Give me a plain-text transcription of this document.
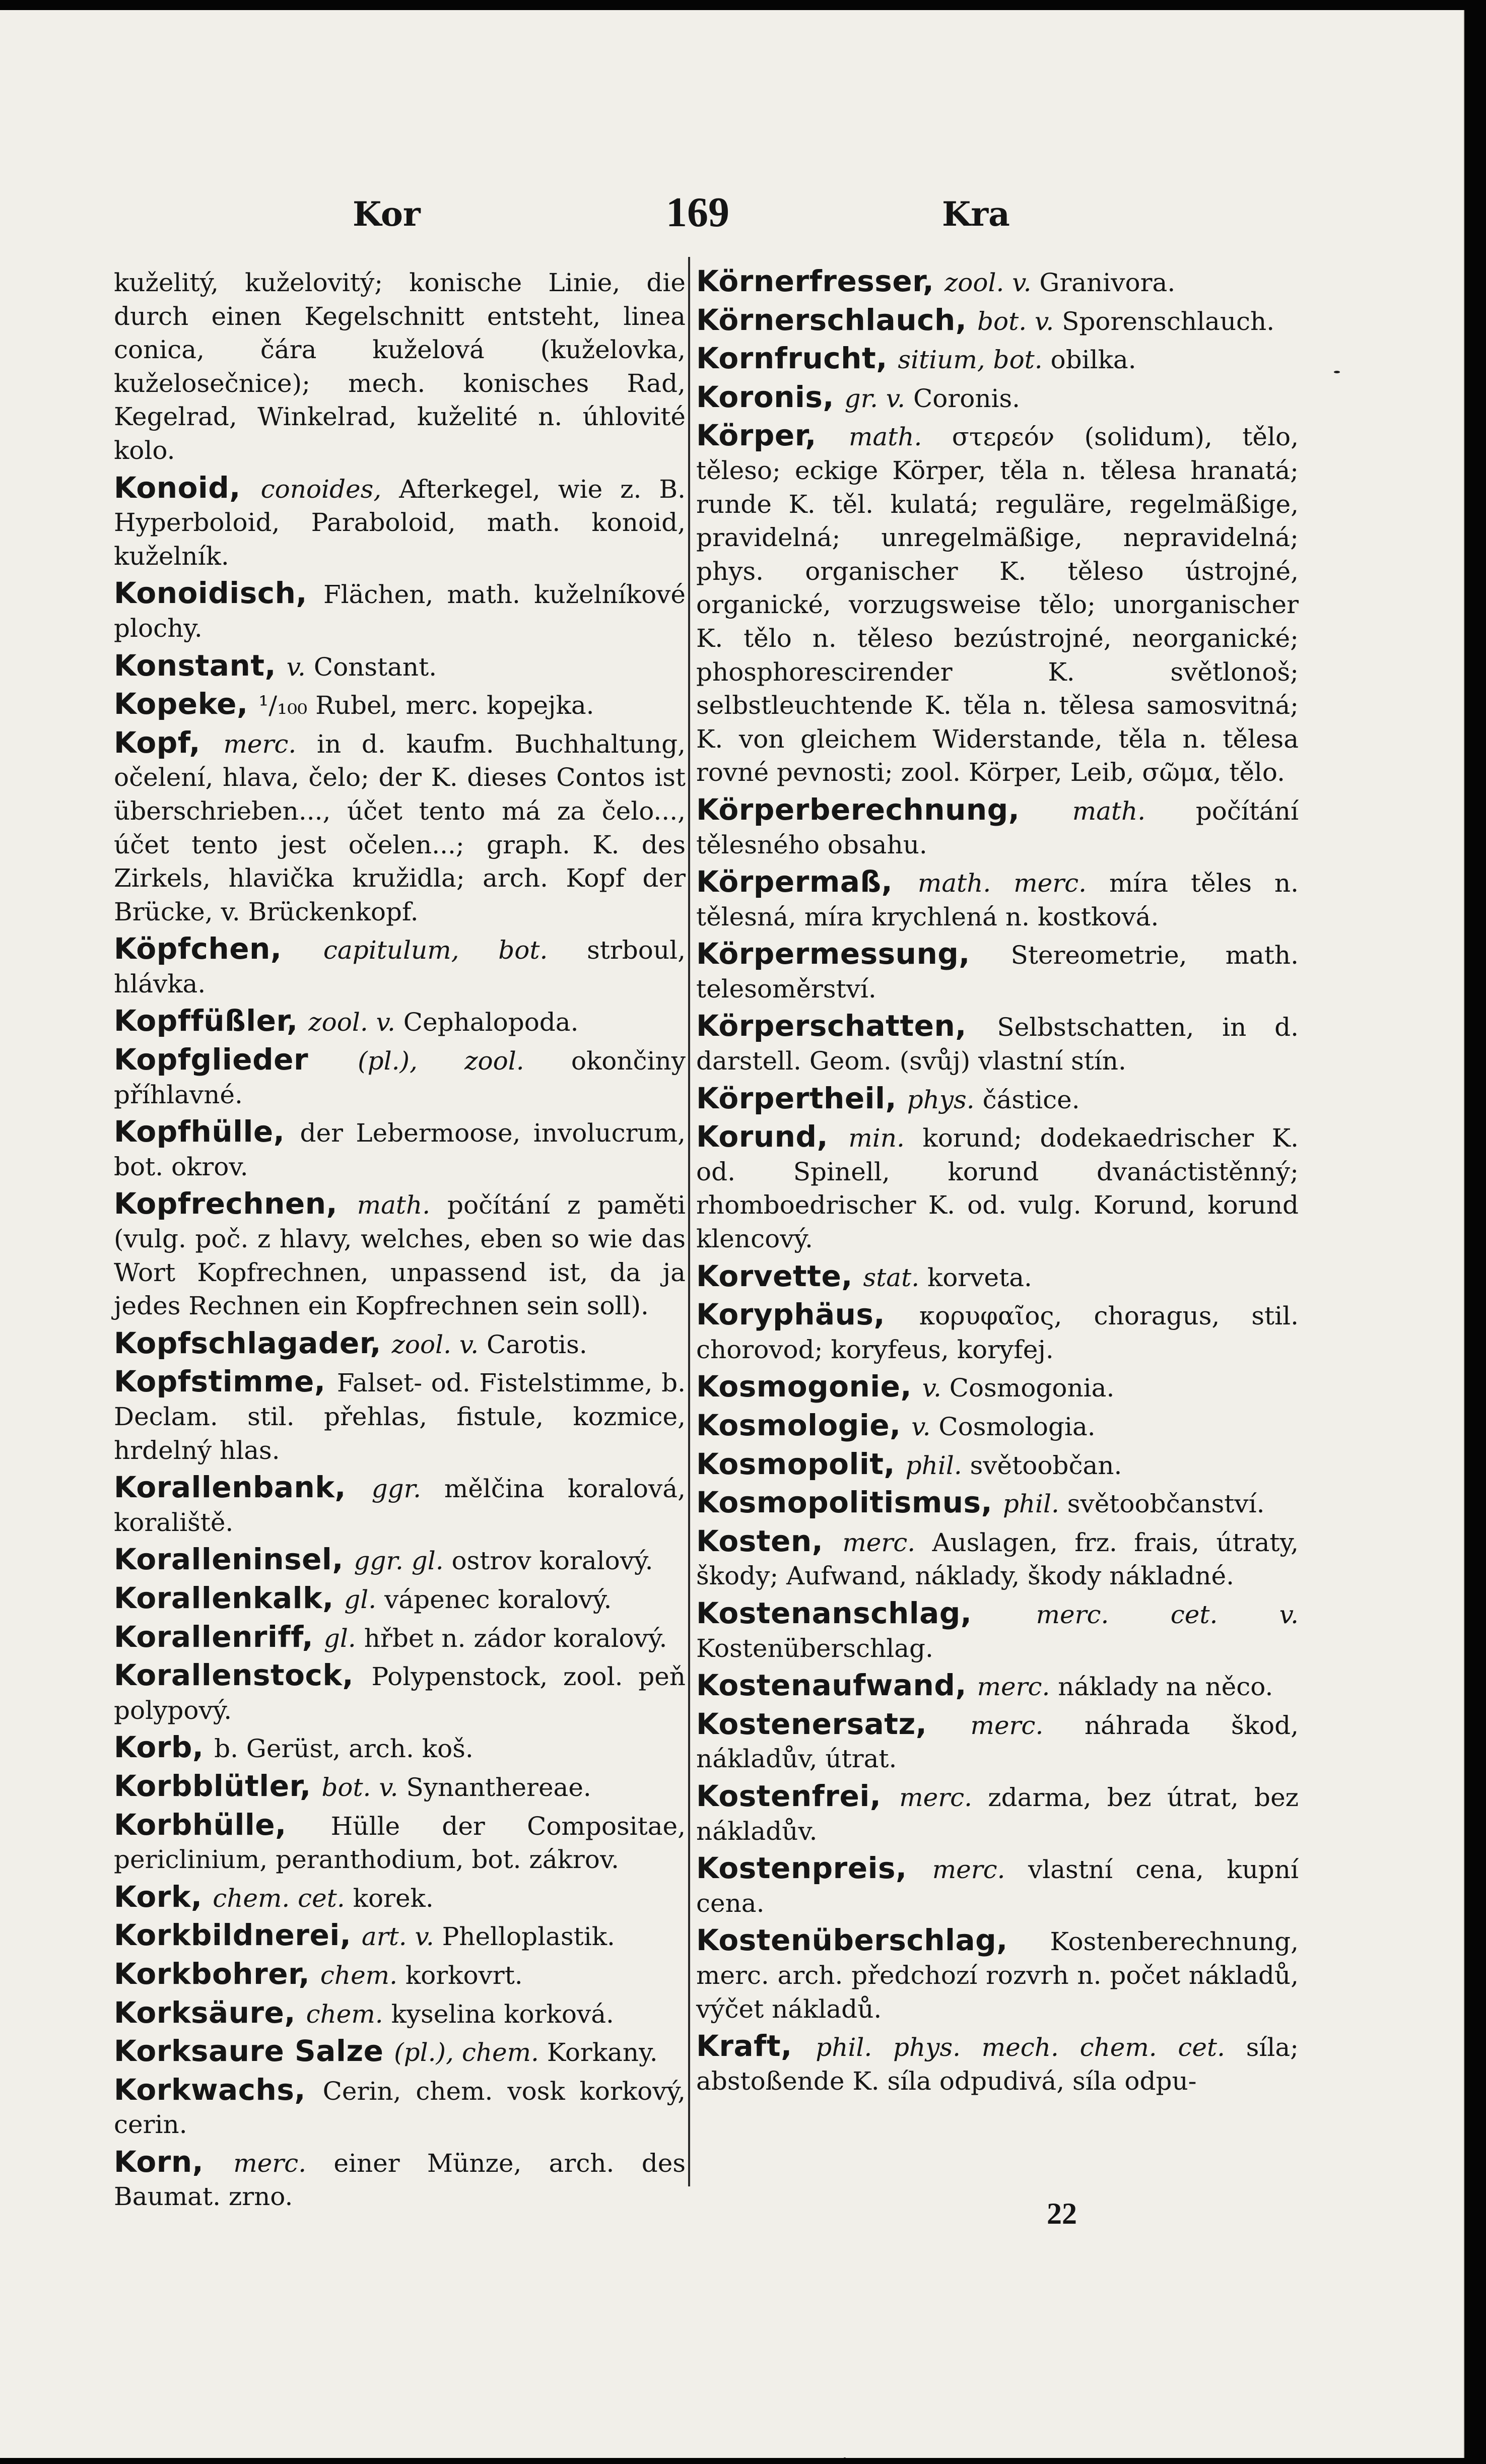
Kor	169	Kra
kuželitý, kuželovitý; konische Linie, die durch einen Kegelschnitt entsteht, linea conica, čára kuželová (kuželovka, kuželosečnice); mech. konisches Rad, Kegelrad, Winkelrad, kuželité n. úhlovité kolo.
Konoid, conoides, Afterkegel, wie z. B. Hyperboloid, Paraboloid, math. konoid, kuželník.
Konoidisch, Flächen, math. kuželníkové plochy.
Konstant, v. Constant.
Kopeke, ¹/₁₀₀ Rubel, merc. kopejka.
Kopf, merc. in d. kaufm. Buchhaltung, očelení, hlava, čelo; der K. dieses Contos ist überschrieben..., účet tento má za čelo..., účet tento jest očelen...; graph. K. des Zirkels, hlavička kružidla; arch. Kopf der Brücke, v. Brückenkopf.
Köpfchen, capitulum, bot. strboul, hlávka.
Kopffüßler, zool. v. Cephalopoda.
Kopfglieder (pl.), zool. okončiny příhlavné.
Kopfhülle, der Lebermoose, involucrum, bot. okrov.
Kopfrechnen, math. počítání z paměti (vulg. poč. z hlavy, welches, eben so wie das Wort Kopfrechnen, unpassend ist, da ja jedes Rechnen ein Kopfrechnen sein soll).
Kopfschlagader, zool. v. Carotis.
Kopfstimme, Falset- od. Fistelstimme, b. Declam. stil. přehlas, fistule, kozmice, hrdelný hlas.
Korallenbank, ggr. mělčina koralová, koraliště.
Koralleninsel, ggr. gl. ostrov koralový.
Korallenkalk, gl. vápenec koralový.
Korallenriff, gl. hřbet n. zádor koralový.
Korallenstock, Polypenstock, zool. peň polypový.
Korb, b. Gerüst, arch. koš.
Korbblütler, bot. v. Synanthereae.
Korbhülle, Hülle der Compositae, periclinium, peranthodium, bot. zákrov.
Kork, chem. cet. korek.
Korkbildnerei, art. v. Phelloplastik.
Korkbohrer, chem. korkovrt.
Korksäure, chem. kyselina korková.
Korksaure Salze (pl.), chem. Korkany.
Korkwachs, Cerin, chem. vosk korkový, cerin.
Korn, merc. einer Münze, arch. des Baumat. zrno.
Körnerfresser, zool. v. Granivora.
Körnerschlauch, bot. v. Sporenschlauch.
Kornfrucht, sitium, bot. obilka.
Koronis, gr. v. Coronis.
Körper, math. στερεόν (solidum), tělo, těleso; eckige Körper, těla n. tělesa hranatá; runde K. těl. kulatá; reguläre, regelmäßige, pravidelná; unregelmäßige, nepravidelná; phys. organischer K. těleso ústrojné, organické, vorzugsweise tělo; unorganischer K. tělo n. těleso bezústrojné, neorganické; phosphorescirender K. světlonoš; selbstleuchtende K. těla n. tělesa samosvitná; K. von gleichem Widerstande, těla n. tělesa rovné pevnosti; zool. Körper, Leib, σῶμα, tělo.
Körperberechnung, math. počítání tělesného obsahu.
Körpermaß, math. merc. míra těles n. tělesná, míra krychlená n. kostková.
Körpermessung, Stereometrie, math. telesoměrství.
Körperschatten, Selbstschatten, in d. darstell. Geom. (svůj) vlastní stín.
Körpertheil, phys. částice.
Korund, min. korund; dodekaedrischer K. od. Spinell, korund dvanáctistěnný; rhomboedrischer K. od. vulg. Korund, korund klencový.
Korvette, stat. korveta.
Koryphäus, κορυφαῖος, choragus, stil. chorovod; koryfeus, koryfej.
Kosmogonie, v. Cosmogonia.
Kosmologie, v. Cosmologia.
Kosmopolit, phil. světoobčan.
Kosmopolitismus, phil. světoobčanství.
Kosten, merc. Auslagen, frz. frais, útraty, škody; Aufwand, náklady, škody nákladné.
Kostenanschlag, merc. cet. v. Kostenüberschlag.
Kostenaufwand, merc. náklady na něco.
Kostenersatz, merc. náhrada škod, nákladův, útrat.
Kostenfrei, merc. zdarma, bez útrat, bez nákladův.
Kostenpreis, merc. vlastní cena, kupní cena.
Kostenüberschlag, Kostenberechnung, merc. arch. předchozí rozvrh n. počet nákladů, výčet nákladů.
Kraft, phil. phys. mech. chem. cet. síla; abstoßende K. síla odpudivá, síla odpu-
22
